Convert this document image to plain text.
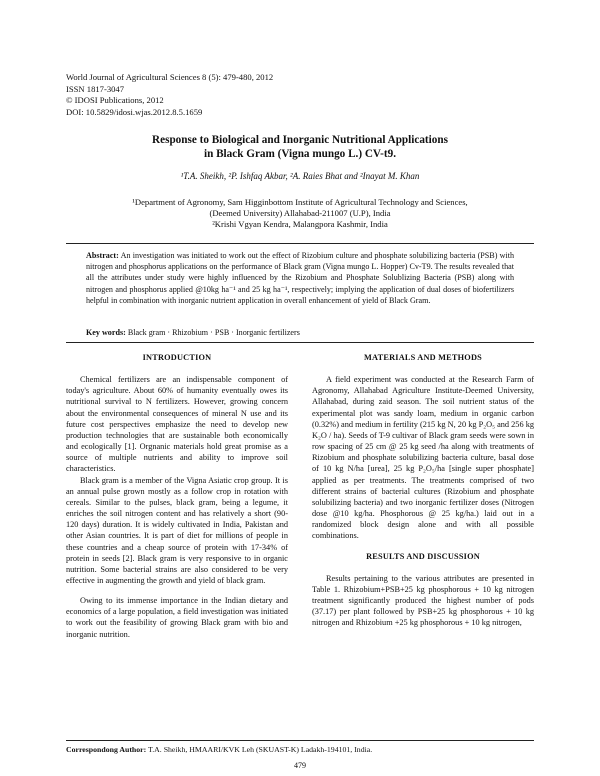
World Journal of Agricultural Sciences 8 (5): 479-480, 2012
ISSN 1817-3047
© IDOSI Publications, 2012
DOI: 10.5829/idosi.wjas.2012.8.5.1659
Response to Biological and Inorganic Nutritional Applications
in Black Gram (Vigna mungo L.) CV-t9.
¹T.A. Sheikh, ²P. Ishfaq Akbar, ²A. Raies Bhat and ²Inayat M. Khan
¹Department of Agronomy, Sam Higginbottom Institute of Agricultural Technology and Sciences,
(Deemed University) Allahabad-211007 (U.P), India
²Krishi Vgyan Kendra, Malangpora Kashmir, India
Abstract: An investigation was initiated to work out the effect of Rizobium culture and phosphate solubilizing bacteria (PSB) with nitrogen and phosphorus applications on the performance of Black gram (Vigna mungo L. Hopper) Cv-T9. The results revealed that all the attributes under study were highly influenced by the Rizobium and Phosphate Solublizing Bacteria (PSB) along with nitrogen and phosphorus applied @10kg ha⁻¹ and 25 kg ha⁻¹, respectively; implying the application of dual doses of biofertilizers helpful in combination with inorganic nutrient application in overall enhancement of yield of Black Gram.
Key words: Black gram · Rhizobium · PSB · Inorganic fertilizers
INTRODUCTION

Chemical fertilizers are an indispensable component of today's agriculture. About 60% of humanity eventually owes its nutritional survival to N fertilizers. However, growing concern about the environmental consequences of mineral N use and its future cost perspectives emphasize the need to develop new production technologies that are sustainable both economically and ecologically [1]. Orgnanic materials hold great promise as a source of multiple nutrients and ability to improve soil characteristics.

Black gram is a member of the Vigna Asiatic crop group. It is an annual pulse grown mostly as a follow crop in rotation with cereals. Similar to the pulses, black gram, being a legume, it enriches the soil nitrogen content and has relatively a short (90-120 days) duration. It is widely cultivated in India, Pakistan and other Asian countries. It is part of diet for millions of people in these countries and a cheap source of protein with 17-34% of protein in seeds [2]. Black gram is very responsive to in organic nutrition. Some bacterial strains are also considered to be very effective in augmenting the growth and yield of black gram.

Owing to its immense importance in the Indian dietary and economics of a large population, a field investigation was initiated to work out the feasibility of growing Black gram with bio and inorganic nutrition.

MATERIALS AND METHODS

A field experiment was conducted at the Research Farm of Agronomy, Allahabad Agriculture Institute-Deemed University, Allahabad, during zaid season. The soil nutrient status of the experimental plot was sandy loam, medium in organic carbon (0.32%) and medium in fertility (215 kg N, 20 kg P₂O₅ and 256 kg K₂O / ha). Seeds of T-9 cultivar of Black gram seeds were sown in row spacing of 25 cm @ 25 kg seed /ha along with treatments of Rizobium and phosphate solubilizing bacteria culture, basal dose of 10 kg N/ha [urea], 25 kg P₂O₅/ha [single super phosphate] applied as per treatments. The treatments comprised of two different strains of bacterial cultures (Rizobium and phosphate solubilizing bacteria) and two inorganic fertilizer doses (Nitrogen dose @10 kg/ha. Phosphorous @ 25 kg/ha.) laid out in a randomized block design alone and with all possible combinations.

RESULTS AND DISCUSSION

Results pertaining to the various attributes are presented in Table 1. Rhizobium+PSB+25 kg phosphorous + 10 kg nitrogen treatment significantly produced the highest number of pods (37.17) per plant followed by PSB+25 kg phosphorous + 10 kg nitrogen and Rhizobium +25 kg phosphorous + 10 kg nitrogen,

Correspondong Author: T.A. Sheikh, HMAARI/KVK Leh (SKUAST-K) Ladakh-194101, India.
479
